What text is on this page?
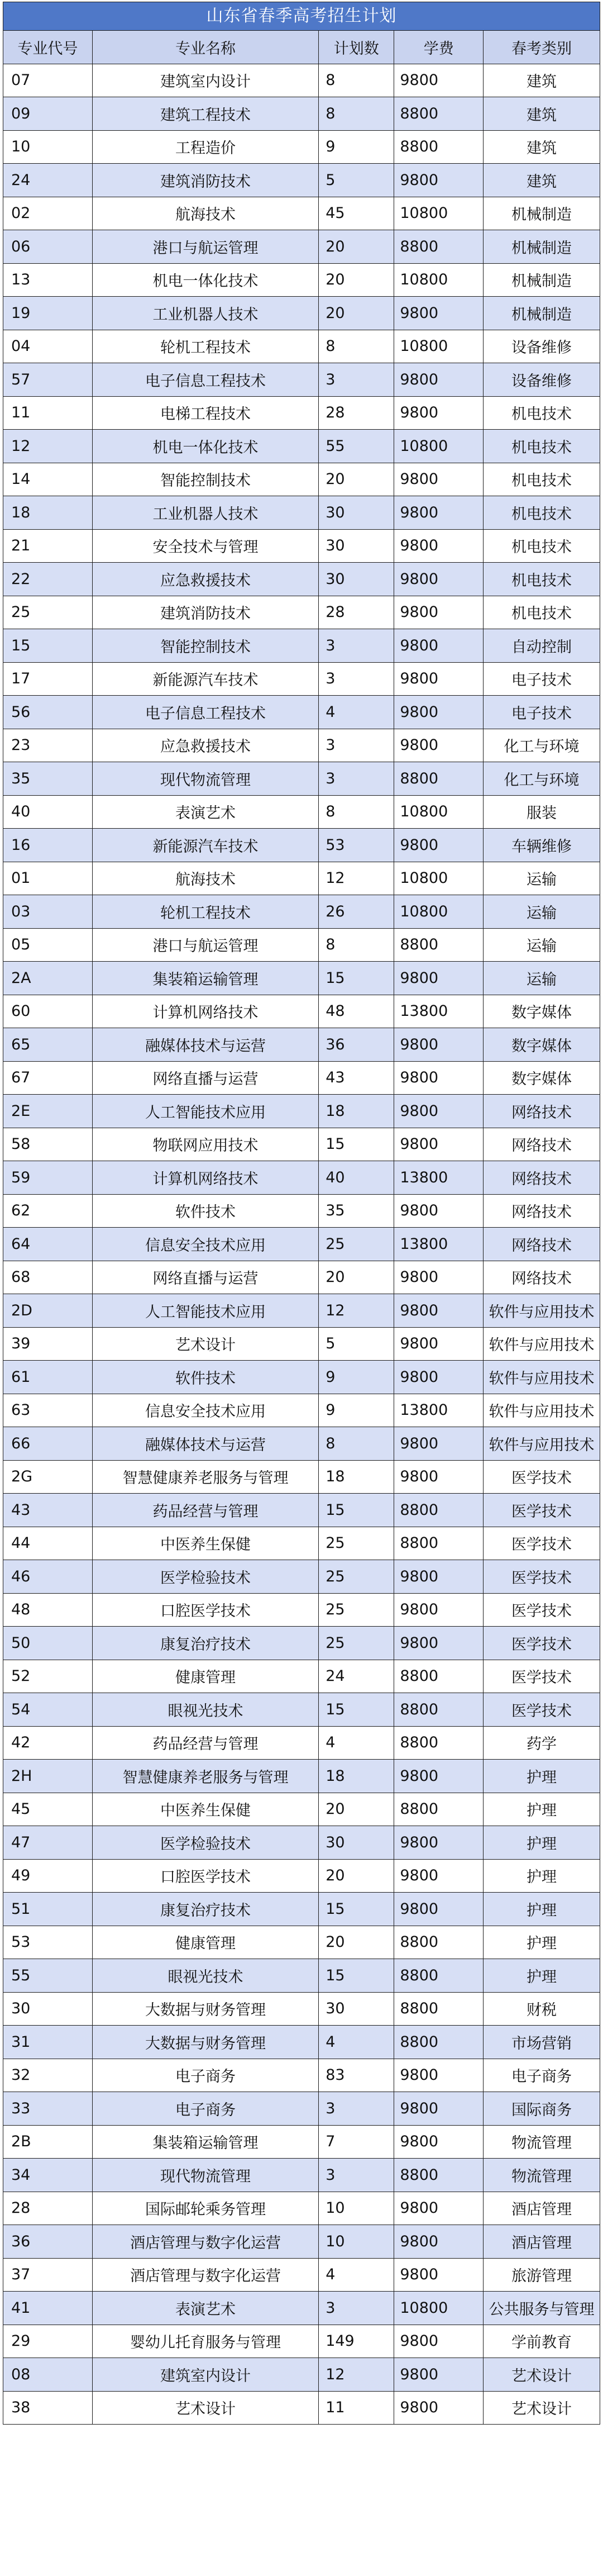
山东省春季高考招生计划
专业代号	专业名称	计划数	学费	春考类别
07	建筑室内设计	8	9800	建筑
09	建筑工程技术	8	8800	建筑
10	工程造价	9	8800	建筑
24	建筑消防技术	5	9800	建筑
02	航海技术	45	10800	机械制造
06	港口与航运管理	20	8800	机械制造
13	机电一体化技术	20	10800	机械制造
19	工业机器人技术	20	9800	机械制造
04	轮机工程技术	8	10800	设备维修
57	电子信息工程技术	3	9800	设备维修
11	电梯工程技术	28	9800	机电技术
12	机电一体化技术	55	10800	机电技术
14	智能控制技术	20	9800	机电技术
18	工业机器人技术	30	9800	机电技术
21	安全技术与管理	30	9800	机电技术
22	应急救援技术	30	9800	机电技术
25	建筑消防技术	28	9800	机电技术
15	智能控制技术	3	9800	自动控制
17	新能源汽车技术	3	9800	电子技术
56	电子信息工程技术	4	9800	电子技术
23	应急救援技术	3	9800	化工与环境
35	现代物流管理	3	8800	化工与环境
40	表演艺术	8	10800	服装
16	新能源汽车技术	53	9800	车辆维修
01	航海技术	12	10800	运输
03	轮机工程技术	26	10800	运输
05	港口与航运管理	8	8800	运输
2A	集装箱运输管理	15	9800	运输
60	计算机网络技术	48	13800	数字媒体
65	融媒体技术与运营	36	9800	数字媒体
67	网络直播与运营	43	9800	数字媒体
2E	人工智能技术应用	18	9800	网络技术
58	物联网应用技术	15	9800	网络技术
59	计算机网络技术	40	13800	网络技术
62	软件技术	35	9800	网络技术
64	信息安全技术应用	25	13800	网络技术
68	网络直播与运营	20	9800	网络技术
2D	人工智能技术应用	12	9800	软件与应用技术
39	艺术设计	5	9800	软件与应用技术
61	软件技术	9	9800	软件与应用技术
63	信息安全技术应用	9	13800	软件与应用技术
66	融媒体技术与运营	8	9800	软件与应用技术
2G	智慧健康养老服务与管理	18	9800	医学技术
43	药品经营与管理	15	8800	医学技术
44	中医养生保健	25	8800	医学技术
46	医学检验技术	25	9800	医学技术
48	口腔医学技术	25	9800	医学技术
50	康复治疗技术	25	9800	医学技术
52	健康管理	24	8800	医学技术
54	眼视光技术	15	8800	医学技术
42	药品经营与管理	4	8800	药学
2H	智慧健康养老服务与管理	18	9800	护理
45	中医养生保健	20	8800	护理
47	医学检验技术	30	9800	护理
49	口腔医学技术	20	9800	护理
51	康复治疗技术	15	9800	护理
53	健康管理	20	8800	护理
55	眼视光技术	15	8800	护理
30	大数据与财务管理	30	8800	财税
31	大数据与财务管理	4	8800	市场营销
32	电子商务	83	9800	电子商务
33	电子商务	3	9800	国际商务
2B	集装箱运输管理	7	9800	物流管理
34	现代物流管理	3	8800	物流管理
28	国际邮轮乘务管理	10	9800	酒店管理
36	酒店管理与数字化运营	10	9800	酒店管理
37	酒店管理与数字化运营	4	9800	旅游管理
41	表演艺术	3	10800	公共服务与管理
29	婴幼儿托育服务与管理	149	9800	学前教育
08	建筑室内设计	12	9800	艺术设计
38	艺术设计	11	9800	艺术设计
